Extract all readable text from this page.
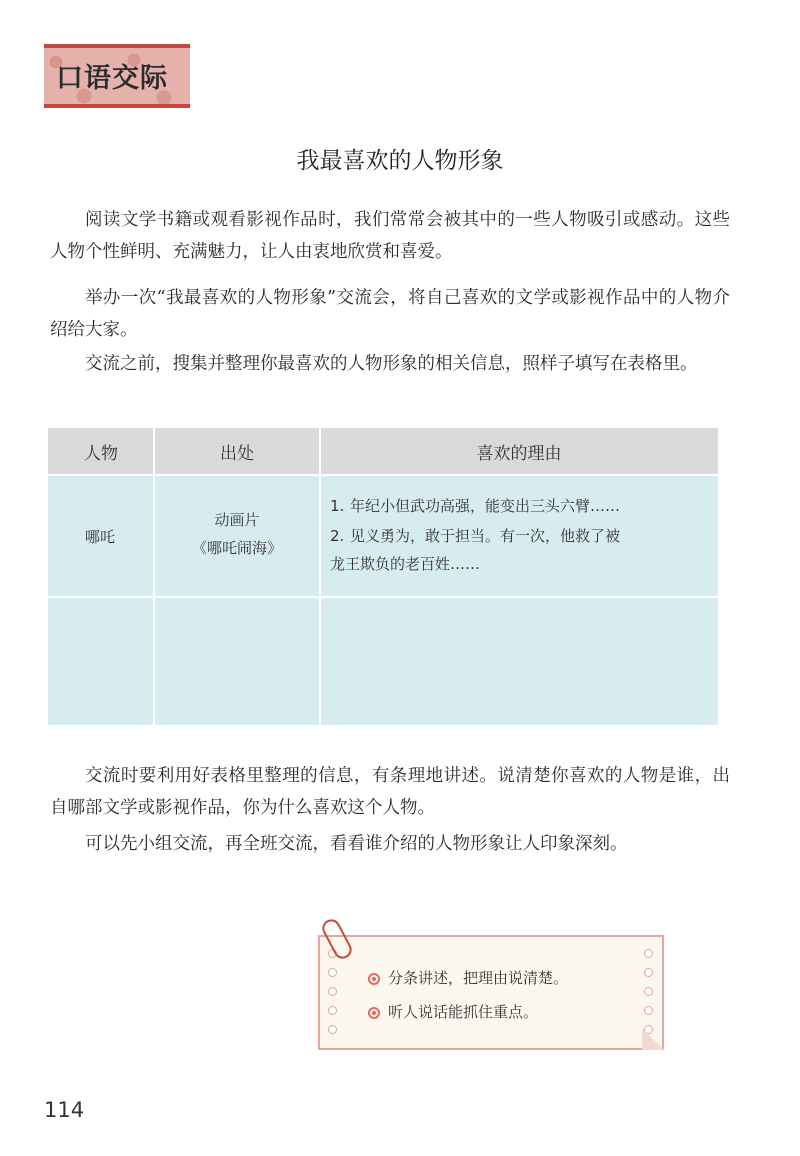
口语交际
我最喜欢的人物形象

阅读文学书籍或观看影视作品时，我们常常会被其中的一些人物吸引或感动。这些人物个性鲜明、充满魅力，让人由衷地欣赏和喜爱。

举办一次“我最喜欢的人物形象”交流会，将自己喜欢的文学或影视作品中的人物介绍给大家。

交流之前，搜集并整理你最喜欢的人物形象的相关信息，照样子填写在表格里。

人物	出处	喜欢的理由
哪吒
动画片
《哪吒闹海》
1. 年纪小但武功高强，能变出三头六臂……
2. 见义勇为，敢于担当。有一次，他救了被
龙王欺负的老百姓……

交流时要利用好表格里整理的信息，有条理地讲述。说清楚你喜欢的人物是谁，出自哪部文学或影视作品，你为什么喜欢这个人物。

可以先小组交流，再全班交流，看看谁介绍的人物形象让人印象深刻。

分条讲述，把理由说清楚。
听人说话能抓住重点。
114
